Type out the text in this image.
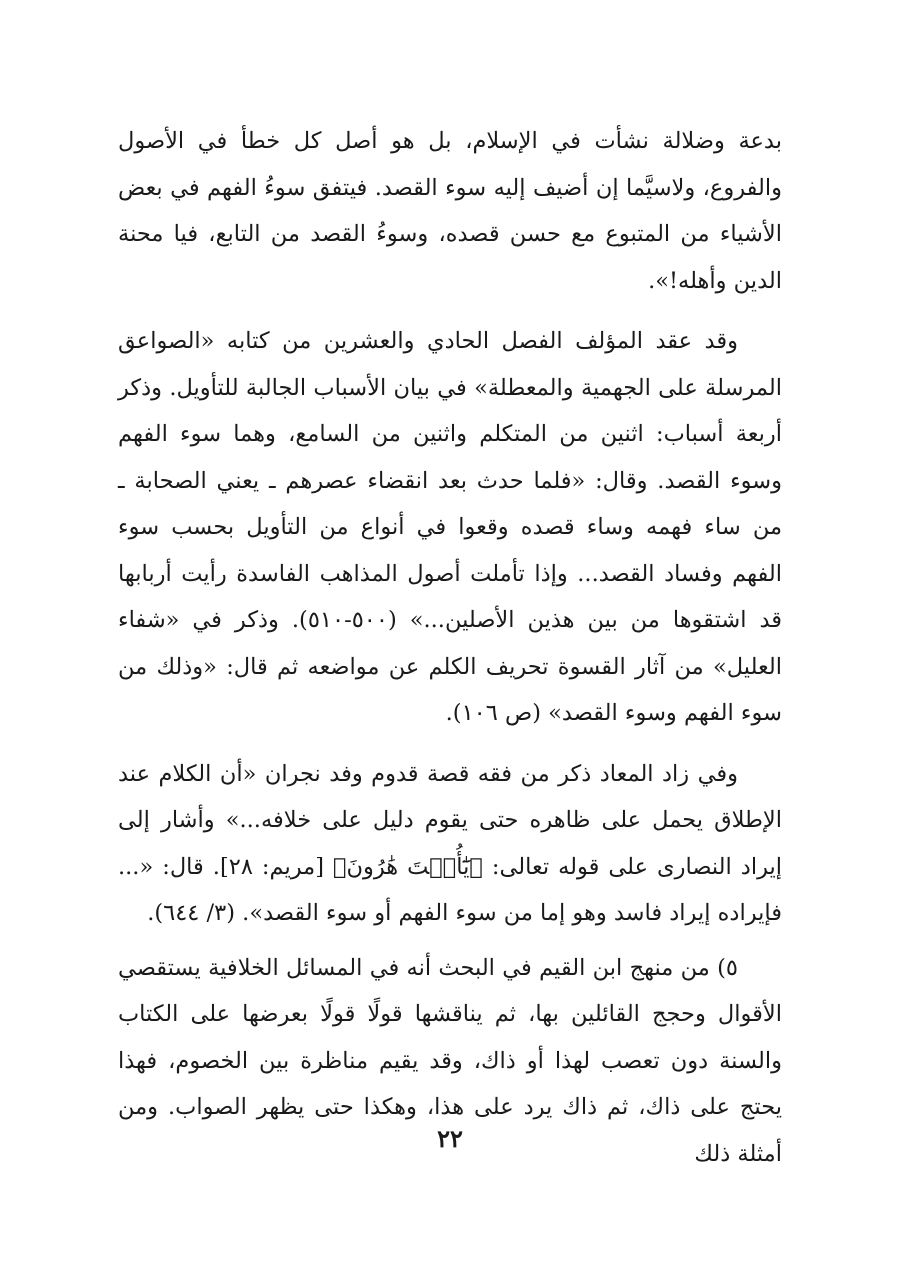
بدعة وضلالة نشأت في الإسلام، بل هو أصل كل خطأ في الأصول والفروع، ولاسيَّما إن أضيف إليه سوء القصد. فيتفق سوءُ الفهم في بعض الأشياء من المتبوع مع حسن قصده، وسوءُ القصد من التابع، فيا محنة الدين وأهله!».

وقد عقد المؤلف الفصل الحادي والعشرين من كتابه «الصواعق المرسلة على الجهمية والمعطلة» في بيان الأسباب الجالبة للتأويل. وذكر أربعة أسباب: اثنين من المتكلم واثنين من السامع، وهما سوء الفهم وسوء القصد. وقال: «فلما حدث بعد انقضاء عصرهم ـ يعني الصحابة ـ من ساء فهمه وساء قصده وقعوا في أنواع من التأويل بحسب سوء الفهم وفساد القصد... وإذا تأملت أصول المذاهب الفاسدة رأيت أربابها قد اشتقوها من بين هذين الأصلين...» (٥٠٠-٥١٠). وذكر في «شفاء العليل» من آثار القسوة تحريف الكلم عن مواضعه ثم قال: «وذلك من سوء الفهم وسوء القصد» (ص ١٠٦).

وفي زاد المعاد ذكر من فقه قصة قدوم وفد نجران «أن الكلام عند الإطلاق يحمل على ظاهره حتى يقوم دليل على خلافه...» وأشار إلى إيراد النصارى على قوله تعالى: ﴿يَٰٓأُخۡتَ هَٰرُونَ﴾ [مريم: ٢٨]. قال: «... فإيراده إيراد فاسد وهو إما من سوء الفهم أو سوء القصد». (٣/ ٦٤٤).

٥) من منهج ابن القيم في البحث أنه في المسائل الخلافية يستقصي الأقوال وحجج القائلين بها، ثم يناقشها قولًا قولًا بعرضها على الكتاب والسنة دون تعصب لهذا أو ذاك، وقد يقيم مناظرة بين الخصوم، فهذا يحتج على ذاك، ثم ذاك يرد على هذا، وهكذا حتى يظهر الصواب. ومن أمثلة ذلك

٢٢
